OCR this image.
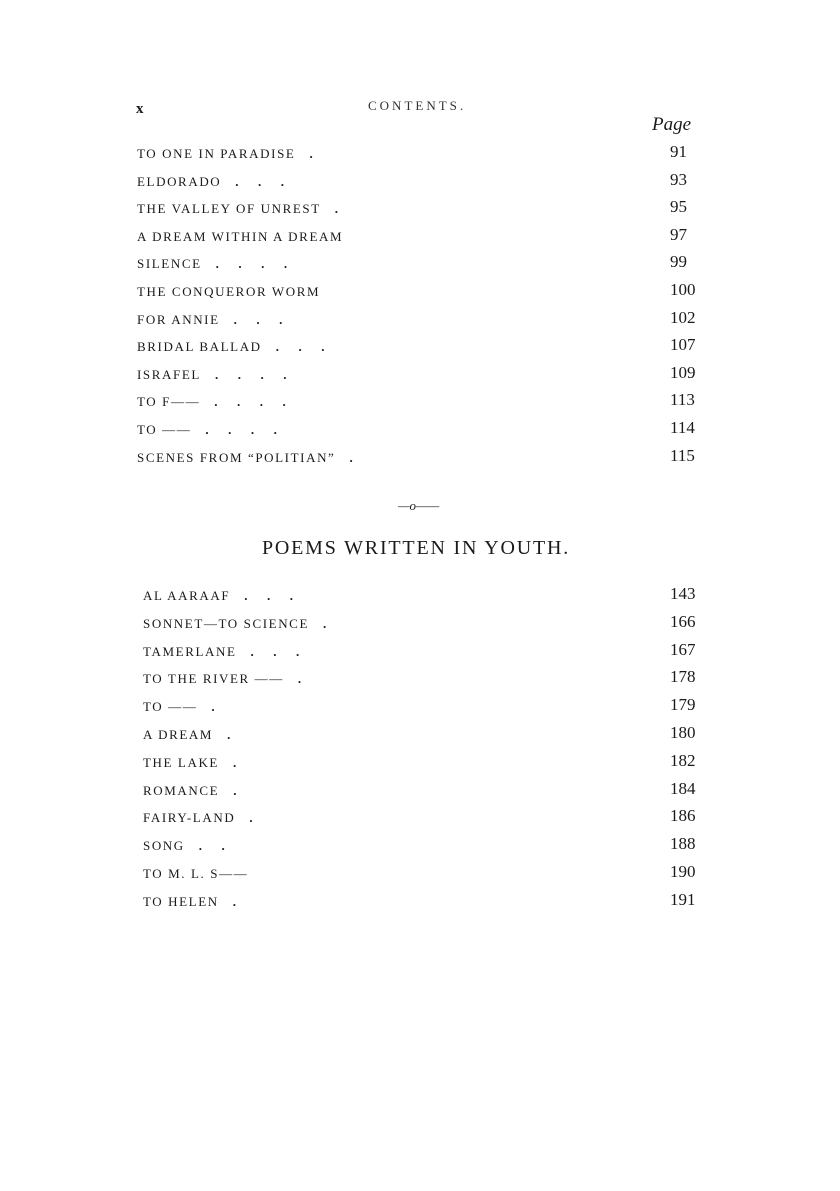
x	CONTENTS.
Page
TO ONE IN PARADISE .	91
ELDORADO .      .      .	93
THE VALLEY OF UNREST .	95
A DREAM WITHIN A DREAM	97
SILENCE .      .      .      .	99
THE CONQUEROR WORM	100
FOR ANNIE .      .      .	102
BRIDAL BALLAD .      .      .	107
ISRAFEL .      .      .      .	109
TO F—— .      .      .      .	113
TO —— .      .      .      .	114
SCENES FROM “POLITIAN” .	115
—o——
POEMS WRITTEN IN YOUTH.
AL AARAAF .      .      .	143
SONNET—TO SCIENCE .	166
TAMERLANE .      .      .	167
TO THE RIVER —— .	178
TO —— .	179
A DREAM .	180
THE LAKE .	182
ROMANCE .	184
FAIRY-LAND .	186
SONG .      .	188
TO M. L. S——	190
TO HELEN .	191
